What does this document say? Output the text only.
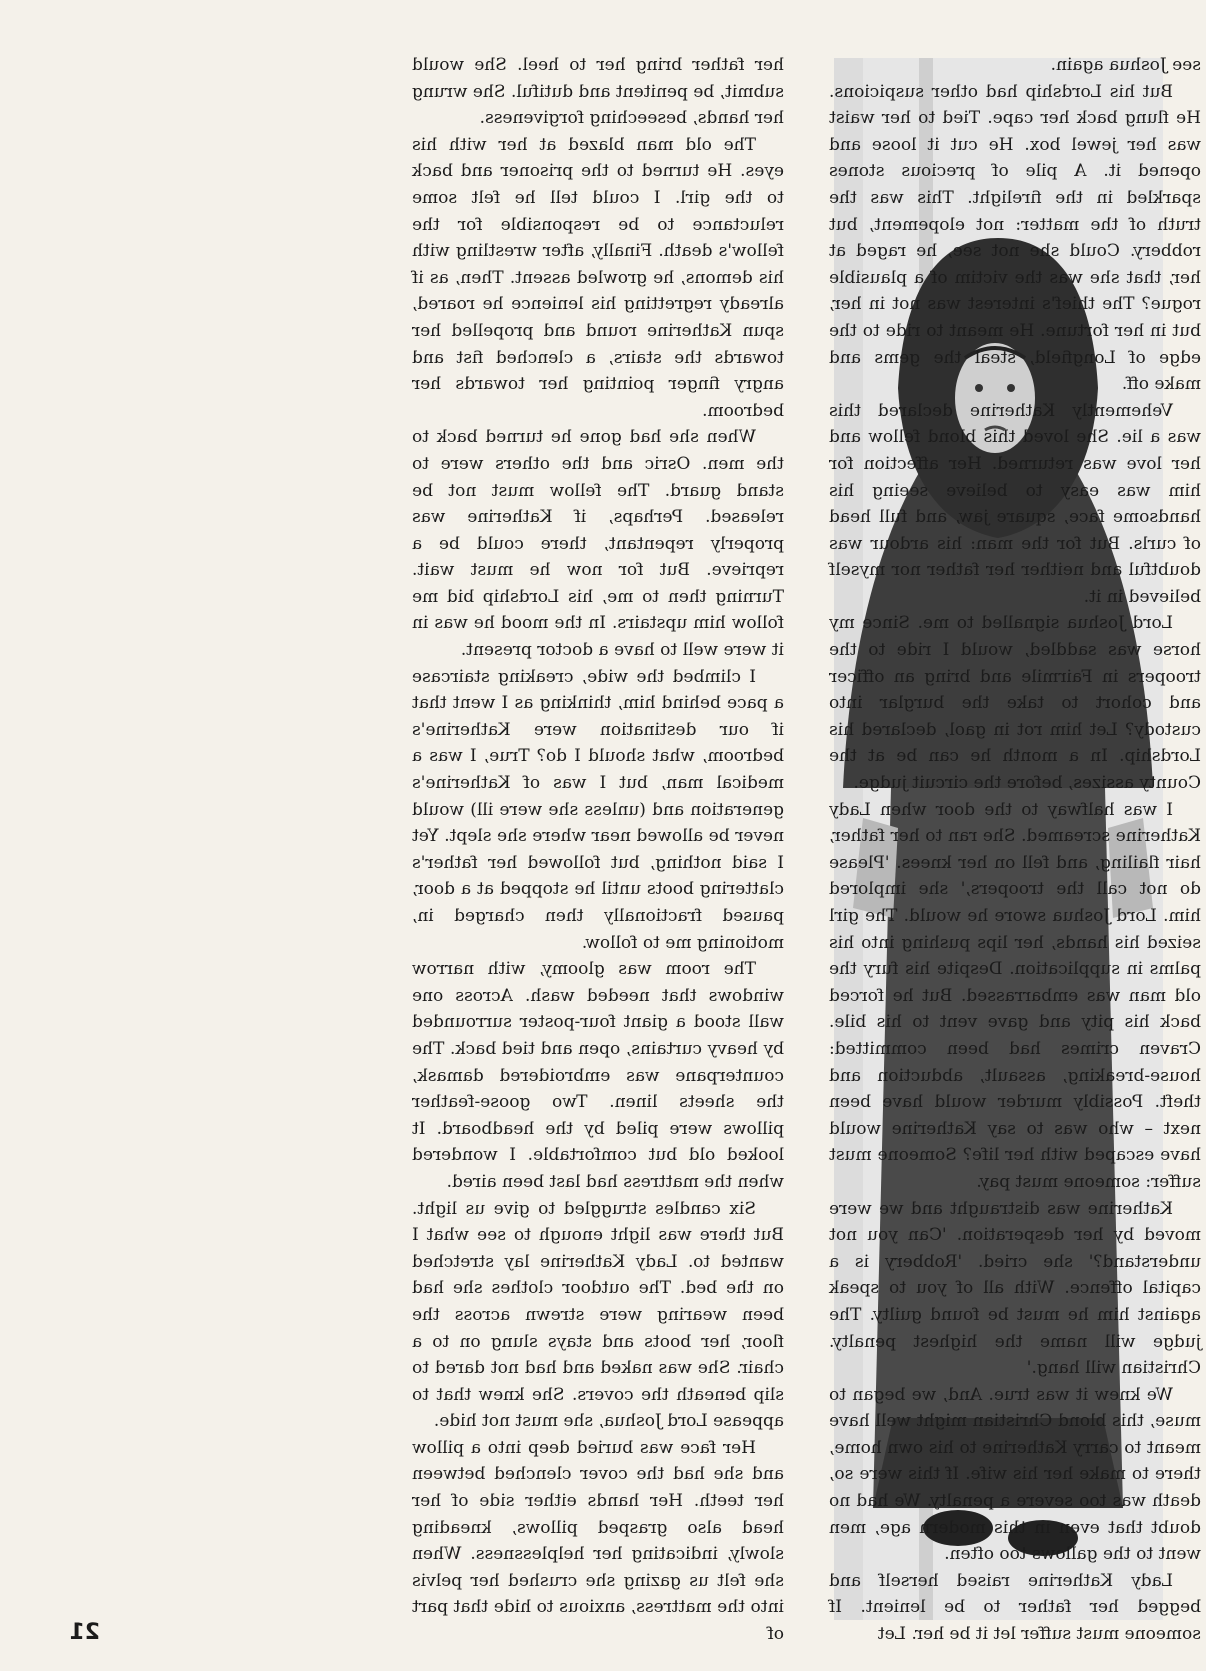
see Joshua again.

But his Lordship had other suspicions. He flung back her cape. Tied to her waist was her jewel box. He cut it loose and opened it. A pile of precious stones sparkled in the firelight. This was the truth of the matter: not elopement, but robbery. Could she not see, he raged at her, that she was the victim of a plausible rogue? The thief's interest was not in her, but in her fortune. He meant to ride to the edge of Longfield, steal the gems and make off.

Vehemently Katherine declared this was a lie. She loved this blond fellow and her love was returned. Her affection for him was easy to believe seeing his handsome face, square jaw, and full head of curls. But for the man: his ardour was doubtful and neither her father nor myself believed in it.

Lord Joshua signalled to me. Since my horse was saddled, would I ride to the troopers in Fairmile and bring an officer and cohort to take the burglar into custody? Let him rot in gaol, declared his Lordship. In a month he can be at the County assizes, before the circuit judge.

I was halfway to the door when Lady Katherine screamed. She ran to her father, hair flailing, and fell on her knees. 'Please do not call the troopers,' she implored him. Lord Joshua swore he would. The girl seized his hands, her lips pushing into his palms in supplication. Despite his fury the old man was embarrassed. But he forced back his pity and gave vent to his bile. Craven crimes had been committed: house-breaking, assault, abduction and theft. Possibly murder would have been next – who was to say Katherine would have escaped with her life? Someone must suffer: someone must pay.

Katherine was distraught and we were moved by her desperation. 'Can you not understand?' she cried. 'Robbery is a capital offence. With all of you to speak against him he must be found guilty. The judge will name the highest penalty. Christian will hang.'

We knew it was true. And, we began to muse, this blond Christian might well have meant to carry Katherine to his own home, there to make her his wife. If this were so, death was too severe a penalty. We had no doubt that even in this modern age, men went to the gallows too often.

Lady Katherine raised herself and begged her father to be lenient. If someone must suffer let it be her. Let

her father bring her to heel. She would submit, be penitent and dutiful. She wrung her hands, beseeching forgiveness.

The old man blazed at her with his eyes. He turned to the prisoner and back to the girl. I could tell he felt some reluctance to be responsible for the fellow's death. Finally, after wrestling with his demons, he growled assent. Then, as if already regretting his lenience he roared, spun Katherine round and propelled her towards the stairs, a clenched fist and angry finger pointing her towards her bedroom.

When she had gone he turned back to the men. Osric and the others were to stand guard. The fellow must not be released. Perhaps, if Katherine was properly repentant, there could be a reprieve. But for now he must wait. Turning then to me, his Lordship bid me follow him upstairs. In the mood he was in it were well to have a doctor present.

I climbed the wide, creaking staircase a pace behind him, thinking as I went that if our destination were Katherine's bedroom, what should I do? True, I was a medical man, but I was of Katherine's generation and (unless she were ill) would never be allowed near where she slept. Yet I said nothing, but followed her father's clattering boots until he stopped at a door, paused fractionally then charged in, motioning me to follow.

The room was gloomy, with narrow windows that needed wash. Across one wall stood a giant four-poster surrounded by heavy curtains, open and tied back. The counterpane was embroidered damask, the sheets linen. Two goose-feather pillows were piled by the headboard. It looked old but comfortable. I wondered when the mattress had last been aired.

Six candles struggled to give us light. But there was light enough to see what I wanted to. Lady Katherine lay stretched on the bed. The outdoor clothes she had been wearing were strewn across the floor, her boots and stays slung on to a chair. She was naked and had not dared to slip beneath the covers. She knew that to appease Lord Joshua, she must not hide.

Her face was buried deep into a pillow and she had the cover clenched between her teeth. Her hands either side of her head also grasped pillows, kneading slowly, indicating her helplessness. When she felt us gazing she crushed her pelvis into the mattress, anxious to hide that part of

21
